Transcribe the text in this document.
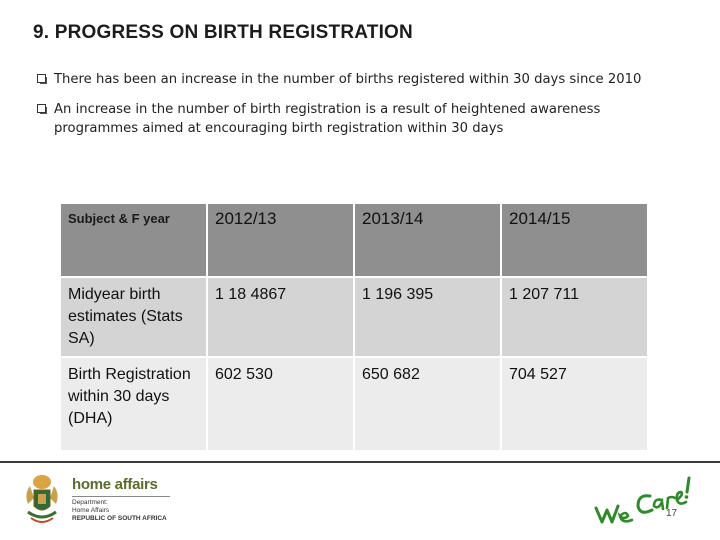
9. PROGRESS ON BIRTH REGISTRATION
There has been an increase in the number of births registered within 30 days since 2010
An increase in the number of birth registration is a result of heightened awareness programmes aimed at encouraging birth registration within 30 days
Subject & F year	2012/13	2013/14	2014/15
Midyear birth estimates (Stats SA)	1 18 4867	1 196 395	1 207 711
Birth Registration within 30 days (DHA)	602 530	650 682	704 527
home affairs
Department:
Home Affairs
REPUBLIC OF SOUTH AFRICA	17
